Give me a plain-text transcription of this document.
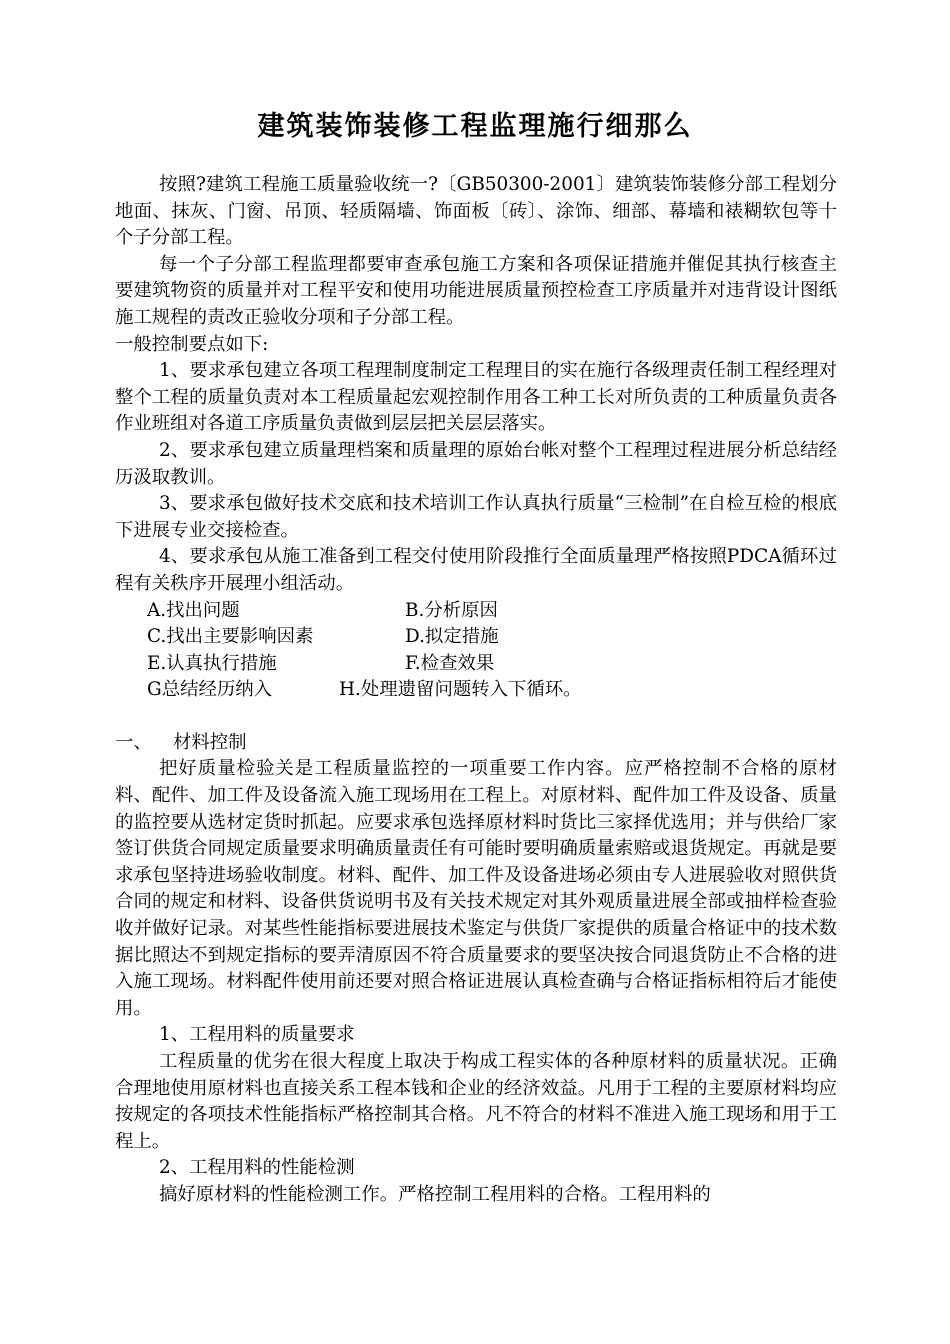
建筑装饰装修工程监理施行细那么

按照?建筑工程施工质量验收统一?〔GB50300-2001〕建筑装饰装修分部工程划分地面、抹灰、门窗、吊顶、轻质隔墙、饰面板〔砖〕、涂饰、细部、幕墙和裱糊软包等十个子分部工程。

每一个子分部工程监理都要审查承包施工方案和各项保证措施并催促其执行核查主要建筑物资的质量并对工程平安和使用功能进展质量预控检查工序质量并对违背设计图纸施工规程的责改正验收分项和子分部工程。

一般控制要点如下:

1、要求承包建立各项工程理制度制定工程理目的实在施行各级理责任制工程经理对整个工程的质量负责对本工程质量起宏观控制作用各工种工长对所负责的工种质量负责各作业班组对各道工序质量负责做到层层把关层层落实。

2、要求承包建立质量理档案和质量理的原始台帐对整个工程理过程进展分析总结经历汲取教训。

3、要求承包做好技术交底和技术培训工作认真执行质量“三检制”在自检互检的根底下进展专业交接检查。

4、要求承包从施工准备到工程交付使用阶段推行全面质量理严格按照PDCA循环过程有关秩序开展理小组活动。

A.找出问题	B.分析原因
C.找出主要影响因素	D.拟定措施
E.认真执行措施	F.检查效果
G总结经历纳入	H.处理遗留问题转入下循环。
一、	材料控制

把好质量检验关是工程质量监控的一项重要工作内容。应严格控制不合格的原材料、配件、加工件及设备流入施工现场用在工程上。对原材料、配件加工件及设备、质量的监控要从选材定货时抓起。应要求承包选择原材料时货比三家择优选用；并与供给厂家签订供货合同规定质量要求明确质量责任有可能时要明确质量索赔或退货规定。再就是要求承包坚持进场验收制度。材料、配件、加工件及设备进场必须由专人进展验收对照供货合同的规定和材料、设备供货说明书及有关技术规定对其外观质量进展全部或抽样检查验收并做好记录。对某些性能指标要进展技术鉴定与供货厂家提供的质量合格证中的技术数据比照达不到规定指标的要弄清原因不符合质量要求的要坚决按合同退货防止不合格的进入施工现场。材料配件使用前还要对照合格证进展认真检查确与合格证指标相符后才能使用。

1、工程用料的质量要求

工程质量的优劣在很大程度上取决于构成工程实体的各种原材料的质量状况。正确合理地使用原材料也直接关系工程本钱和企业的经济效益。凡用于工程的主要原材料均应按规定的各项技术性能指标严格控制其合格。凡不符合的材料不准进入施工现场和用于工程上。

2、工程用料的性能检测

搞好原材料的性能检测工作。严格控制工程用料的合格。工程用料的
